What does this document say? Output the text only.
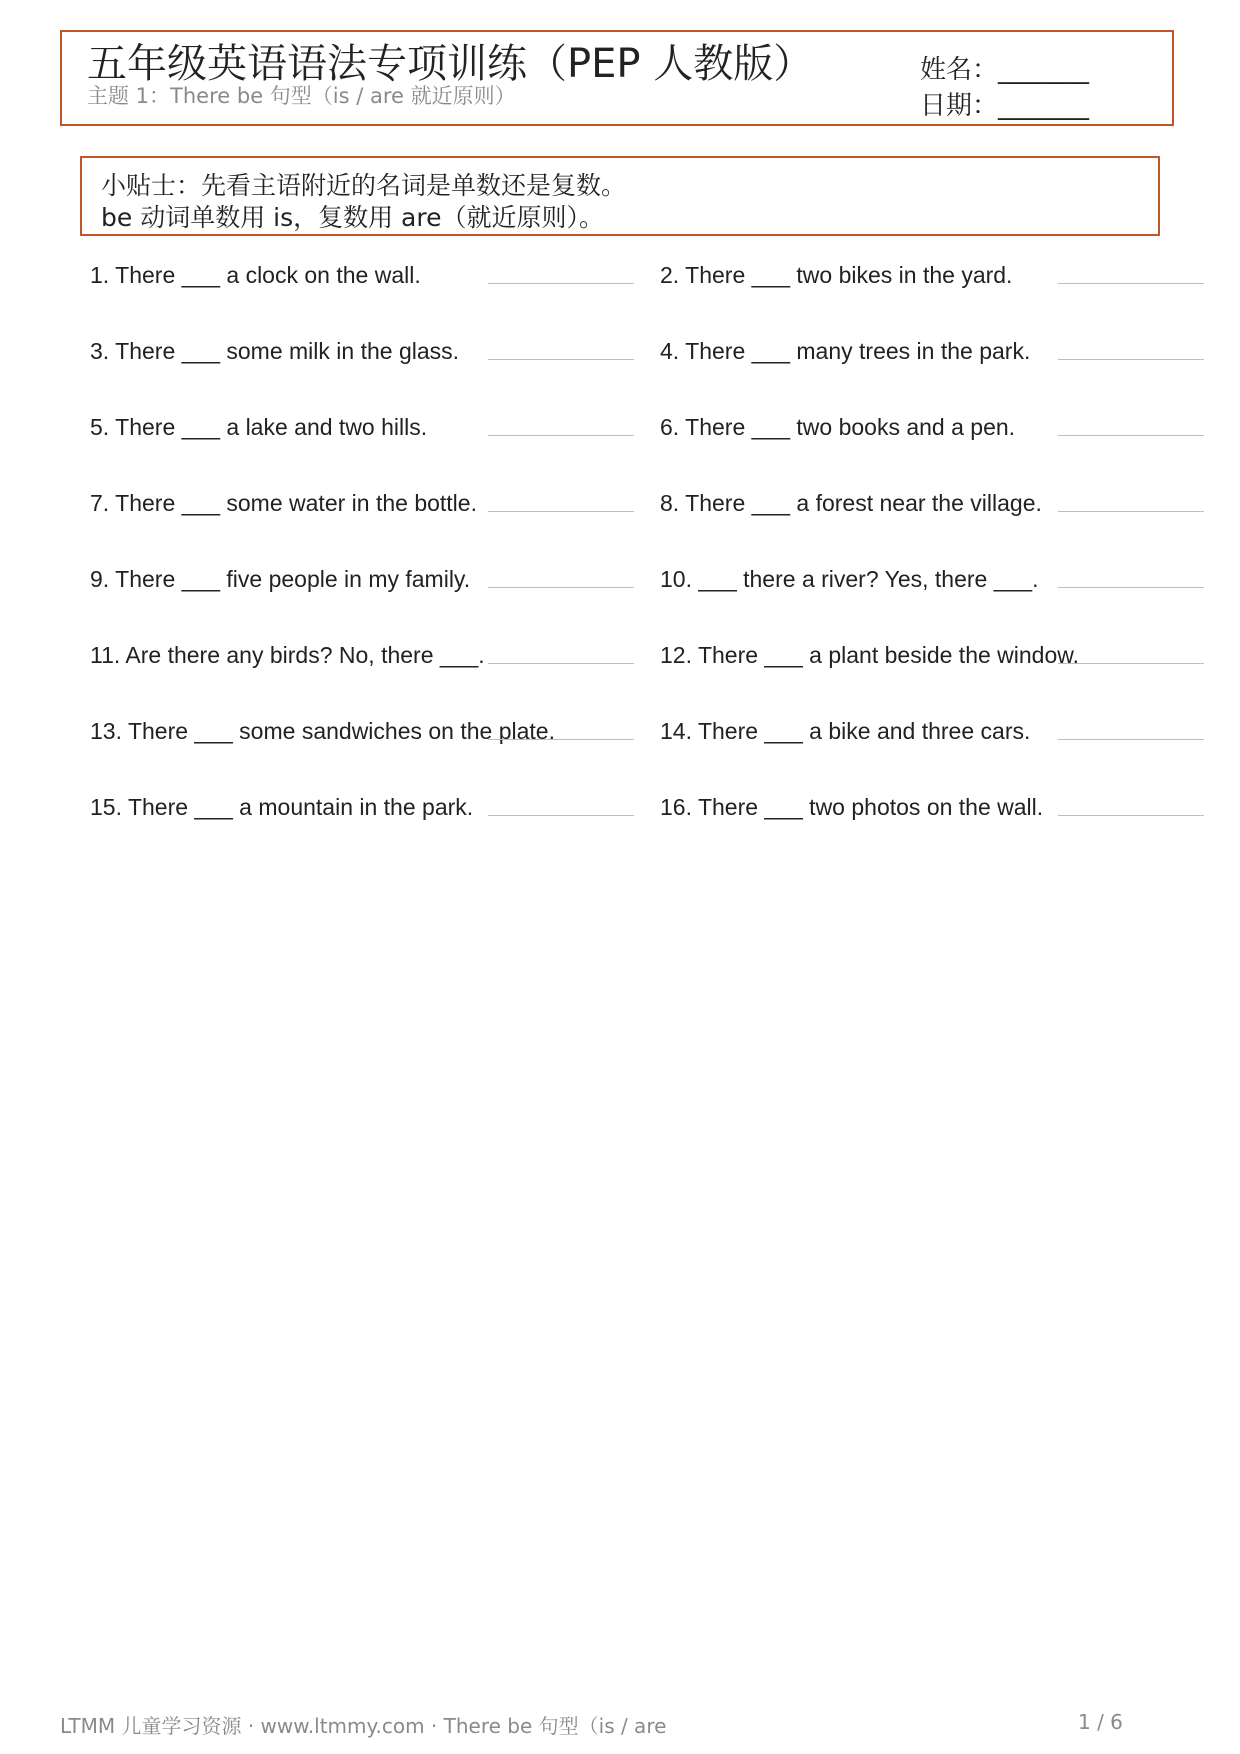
五年级英语语法专项训练（PEP 人教版）
主题 1：There be 句型（is / are 就近原则）
姓名：_______
日期：_______
小贴士：先看主语附近的名词是单数还是复数。
be 动词单数用 is，复数用 are（就近原则）。
1. There ___ a clock on the wall.	2. There ___ two bikes in the yard.
3. There ___ some milk in the glass.	4. There ___ many trees in the park.
5. There ___ a lake and two hills.	6. There ___ two books and a pen.
7. There ___ some water in the bottle.	8. There ___ a forest near the village.
9. There ___ five people in my family.	10. ___ there a river? Yes, there ___.
11. Are there any birds? No, there ___.	12. There ___ a plant beside the window.
13. There ___ some sandwiches on the plate.	14. There ___ a bike and three cars.
15. There ___ a mountain in the park.	16. There ___ two photos on the wall.
LTMM 儿童学习资源 · www.ltmmy.com · There be 句型（is / are	1 / 6
